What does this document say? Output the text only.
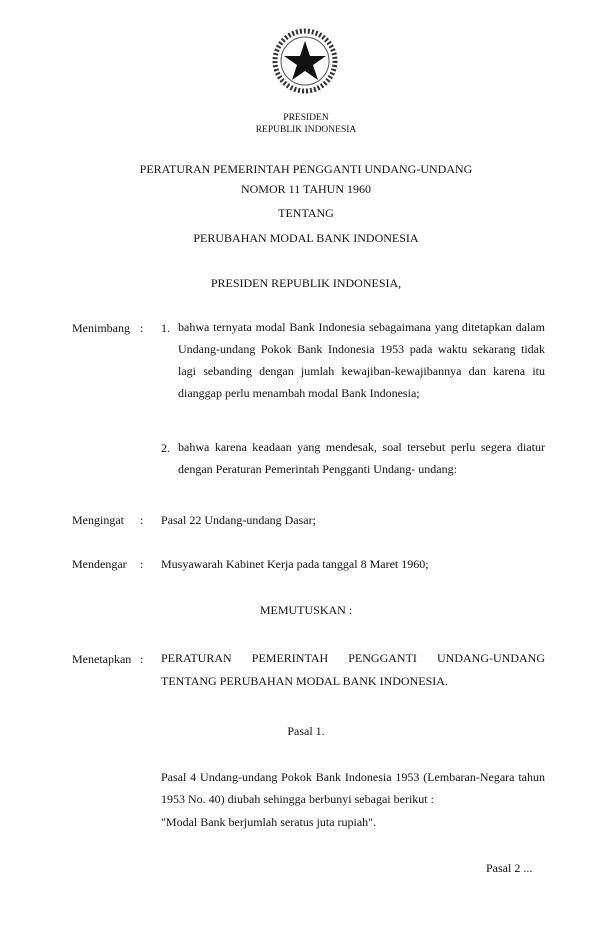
PRESIDEN
REPUBLIK INDONESIA
PERATURAN PEMERINTAH PENGGANTI UNDANG-UNDANG
NOMOR 11 TAHUN 1960
TENTANG
PERUBAHAN MODAL BANK INDONESIA
PRESIDEN REPUBLIK INDONESIA,
Menimbang : 1. bahwa ternyata modal Bank Indonesia sebagaimana yang ditetapkan dalam Undang-undang Pokok Bank Indonesia 1953 pada waktu sekarang tidak lagi sebanding dengan jumlah kewajiban-kewajibannya dan karena itu dianggap perlu menambah modal Bank Indonesia;
2. bahwa karena keadaan yang mendesak, soal tersebut perlu segera diatur dengan Peraturan Pemerintah Pengganti Undang- undang:
Mengingat : Pasal 22 Undang-undang Dasar;
Mendengar : Musyawarah Kabinet Kerja pada tanggal 8 Maret 1960;
MEMUTUSKAN :
Menetapkan : PERATURAN PEMERINTAH PENGGANTI UNDANG-UNDANG
TENTANG PERUBAHAN MODAL BANK INDONESIA.
Pasal 1.
Pasal 4 Undang-undang Pokok Bank Indonesia 1953 (Lembaran-Negara tahun 1953 No. 40) diubah sehingga berbunyi sebagai berikut :
"Modal Bank berjumlah seratus juta rupiah".
Pasal 2 ...
